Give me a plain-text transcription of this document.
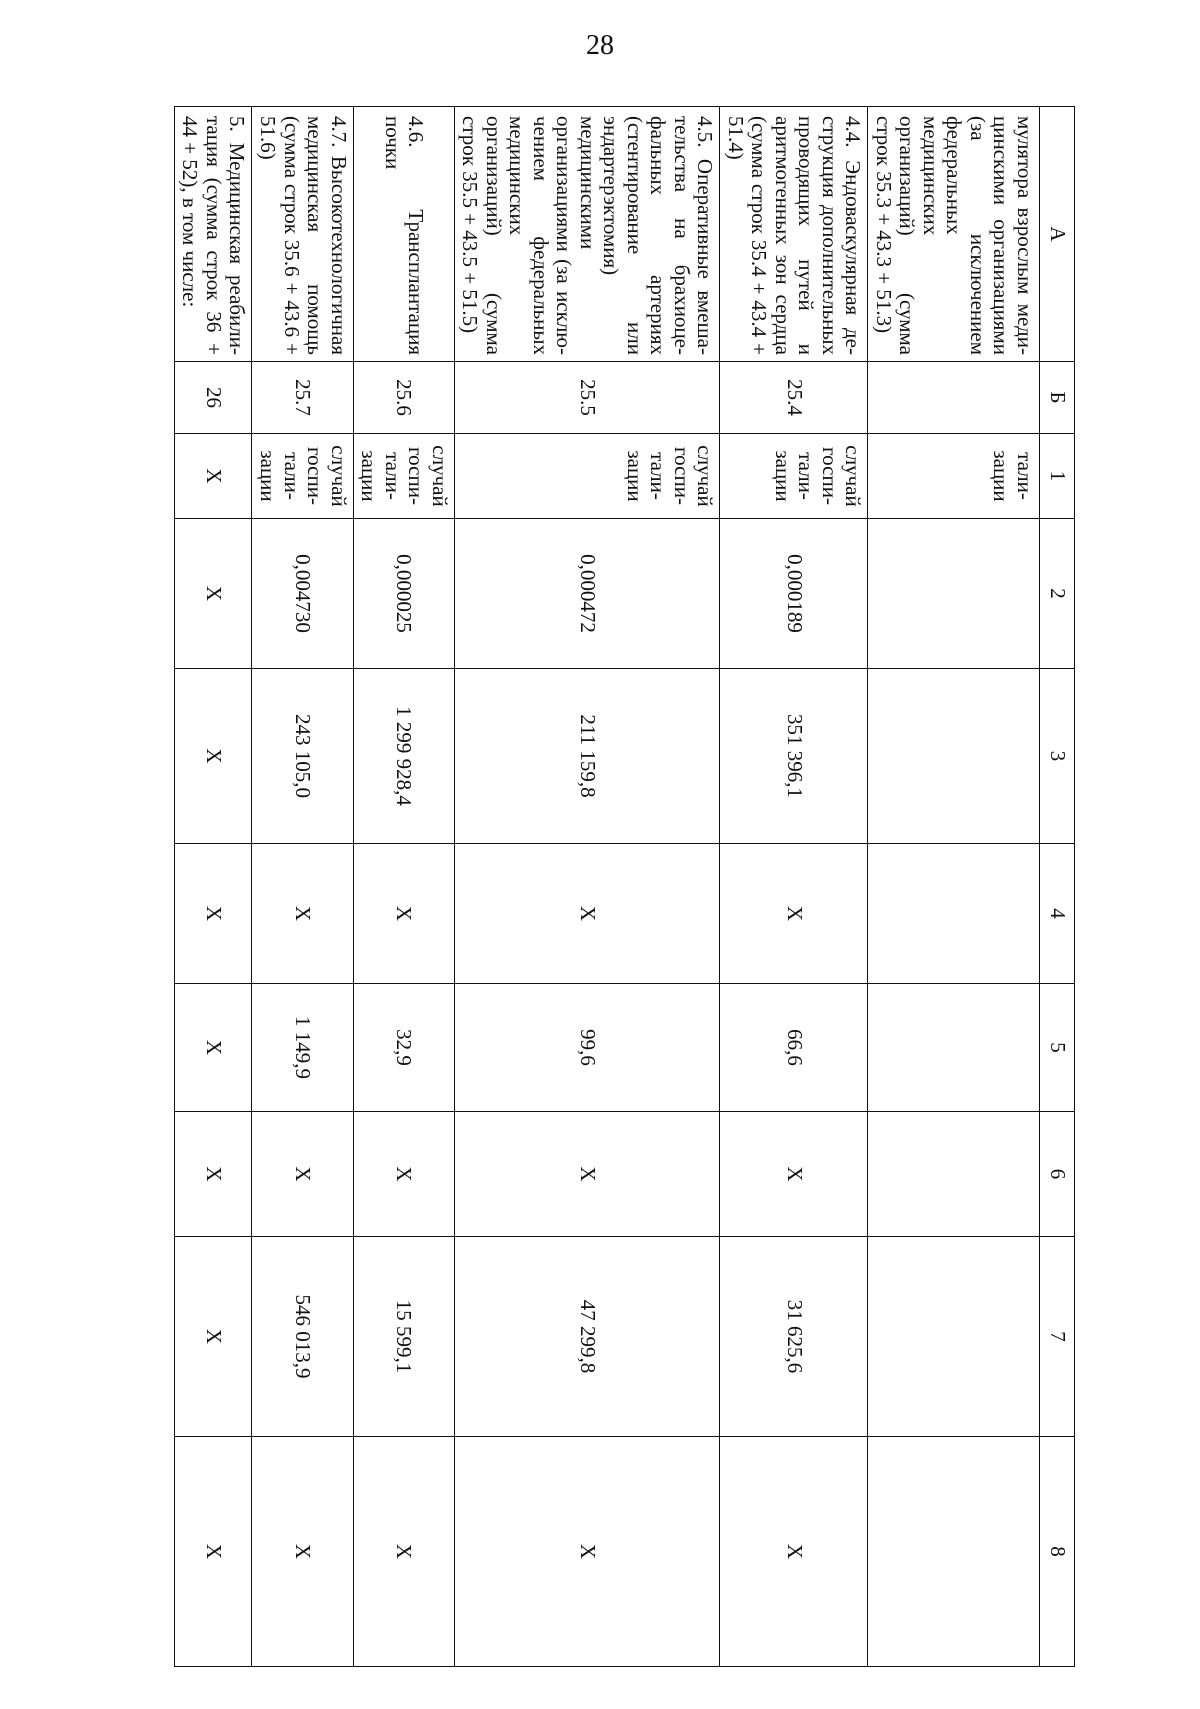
28
А	Б	1	2	3	4	5	6	7	8
мулятора взрослым медицинскими организациями (за исключением федеральных медицинских организаций) (сумма строк 35.3 + 43.3 + 51.3)		тализации							
4.4. Эндоваскулярная деструкция дополнительных проводящих путей и аритмогенных зон сердца (сумма строк 35.4 + 43.4 + 51.4)	25.4	случай госпитализации	0,000189	351 396,1	X	66,6	X	31 625,6	X
4.5. Оперативные вмешательства на брахиоцефальных артериях (стентирование или эндартерэктомия) медицинскими организациями (за исключением федеральных медицинских организаций) (сумма строк 35.5 + 43.5 + 51.5)	25.5	случай госпитализации	0,000472	211 159,8	X	99,6	X	47 299,8	X
4.6. Трансплантация почки	25.6	случай госпитализации	0,000025	1 299 928,4	X	32,9	X	15 599,1	X
4.7. Высокотехнологичная медицинская помощь (сумма строк 35.6 + 43.6 + 51.6)	25.7	случай госпитализации	0,004730	243 105,0	X	1 149,9	X	546 013,9	X
5. Медицинская реабилитация (сумма строк 36 + 44 + 52), в том числе:	26	X	X	X	X	X	X	X	X
